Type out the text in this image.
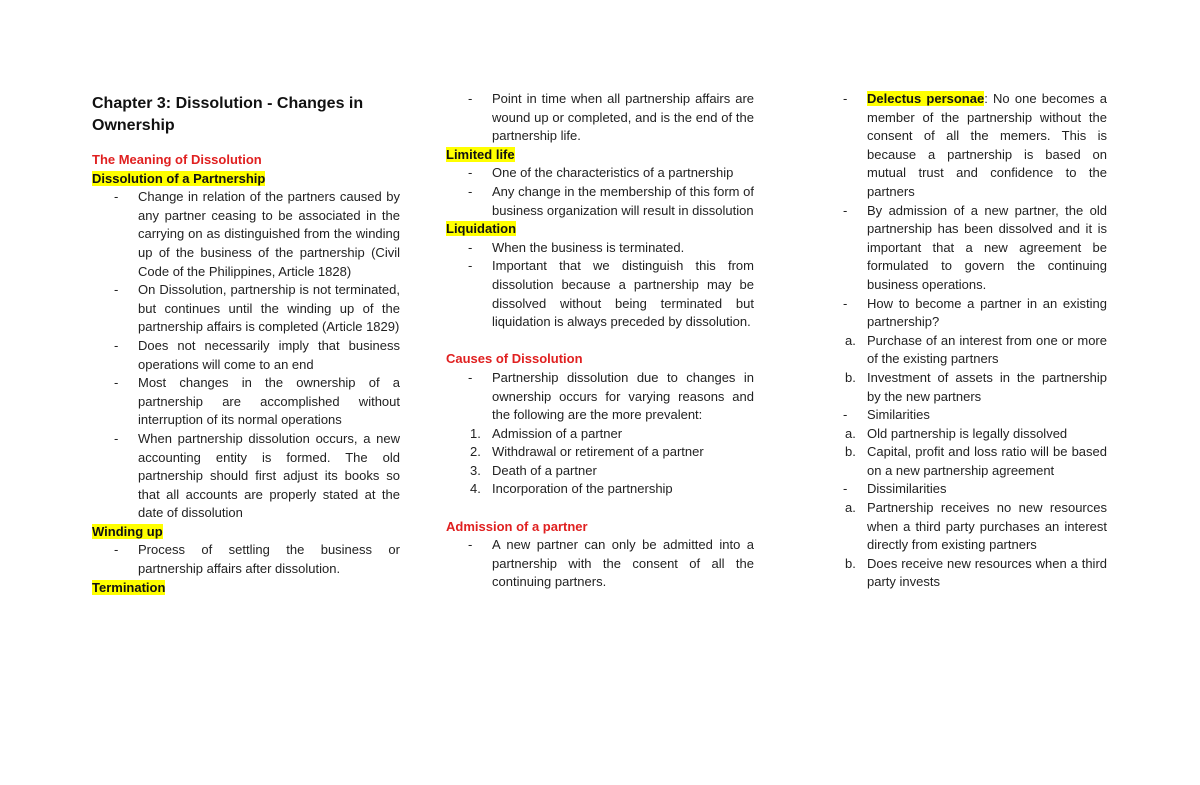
Chapter 3: Dissolution - Changes in Ownership

The Meaning of Dissolution

Dissolution of a Partnership

- Change in relation of the partners caused by any partner ceasing to be associated in the carrying on as distinguished from the winding up of the business of the partnership (Civil Code of the Philippines, Article 1828)
- On Dissolution, partnership is not terminated, but continues until the winding up of the partnership affairs is completed (Article 1829)
- Does not necessarily imply that business operations will come to an end
- Most changes in the ownership of a partnership are accomplished without interruption of its normal operations
- When partnership dissolution occurs, a new accounting entity is formed. The old partnership should first adjust its books so that all accounts are properly stated at the date of dissolution

Winding up

- Process of settling the business or partnership affairs after dissolution.

Termination

- Point in time when all partnership affairs are wound up or completed, and is the end of the partnership life.

Limited life

- One of the characteristics of a partnership
- Any change in the membership of this form of business organization will result in dissolution

Liquidation

- When the business is terminated.
- Important that we distinguish this from dissolution because a partnership may be dissolved without being terminated but liquidation is always preceded by dissolution.

Causes of Dissolution

- Partnership dissolution due to changes in ownership occurs for varying reasons and the following are the more prevalent:
1. Admission of a partner
2. Withdrawal or retirement of a partner
3. Death of a partner
4. Incorporation of the partnership

Admission of a partner

- A new partner can only be admitted into a partnership with the consent of all the continuing partners.
- Delectus personae: No one becomes a member of the partnership without the consent of all the memers. This is because a partnership is based on mutual trust and confidence to the partners
- By admission of a new partner, the old partnership has been dissolved and it is important that a new agreement be formulated to govern the continuing business operations.
- How to become a partner in an existing partnership?
a. Purchase of an interest from one or more of the existing partners
b. Investment of assets in the partnership by the new partners
- Similarities
a. Old partnership is legally dissolved
b. Capital, profit and loss ratio will be based on a new partnership agreement
- Dissimilarities
a. Partnership receives no new resources when a third party purchases an interest directly from existing partners
b. Does receive new resources when a third party invests
